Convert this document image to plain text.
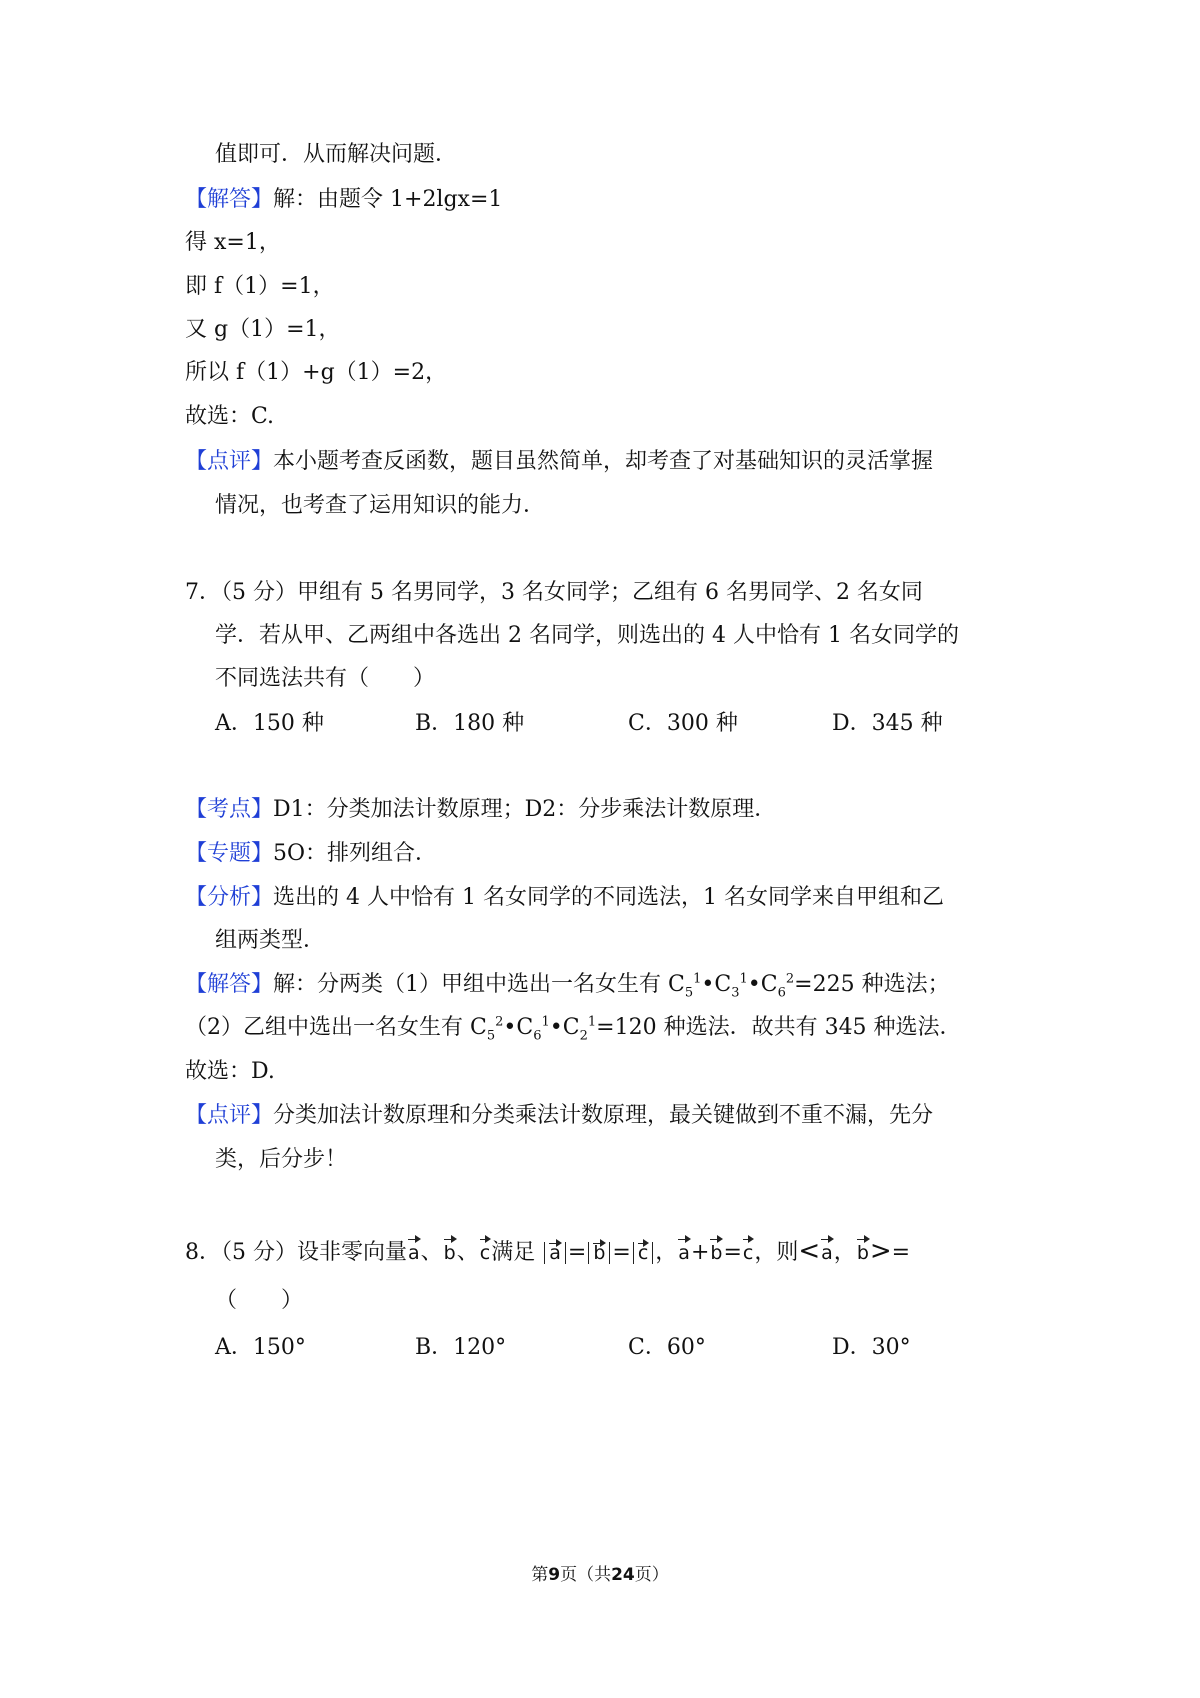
值即可．从而解决问题．
【解答】解：由题令 1+2lgx=1
得 x=1，
即 f（1）=1，
又 g（1）=1，
所以 f（1）+g（1）=2，
故选：C.
【点评】本小题考查反函数，题目虽然简单，却考查了对基础知识的灵活掌握
情况，也考查了运用知识的能力．
7．（5 分）甲组有 5 名男同学，3 名女同学；乙组有 6 名男同学、2 名女同
学．若从甲、乙两组中各选出 2 名同学，则选出的 4 人中恰有 1 名女同学的
不同选法共有（　　）
A．150 种	B．180 种	C．300 种	D．345 种
【考点】D1：分类加法计数原理；D2：分步乘法计数原理．
【专题】5O：排列组合．
【分析】选出的 4 人中恰有 1 名女同学的不同选法，1 名女同学来自甲组和乙
组两类型．
【解答】解：分两类（1）甲组中选出一名女生有 $C_5^1•C_3^1•C_6^2=225$ 种选法；
（2）乙组中选出一名女生有 $C_5^2•C_6^1•C_2^1=120$ 种选法．故共有 345 种选法．
故选：D.
【点评】分类加法计数原理和分类乘法计数原理，最关键做到不重不漏，先分
类，后分步！
8．（5 分）设非零向量a、b、c满足 a = b = c ，a+b=c，则<a，b>=
（　　）
A．150°	B．120°	C．60°	D．30°
第9页（共24页）
